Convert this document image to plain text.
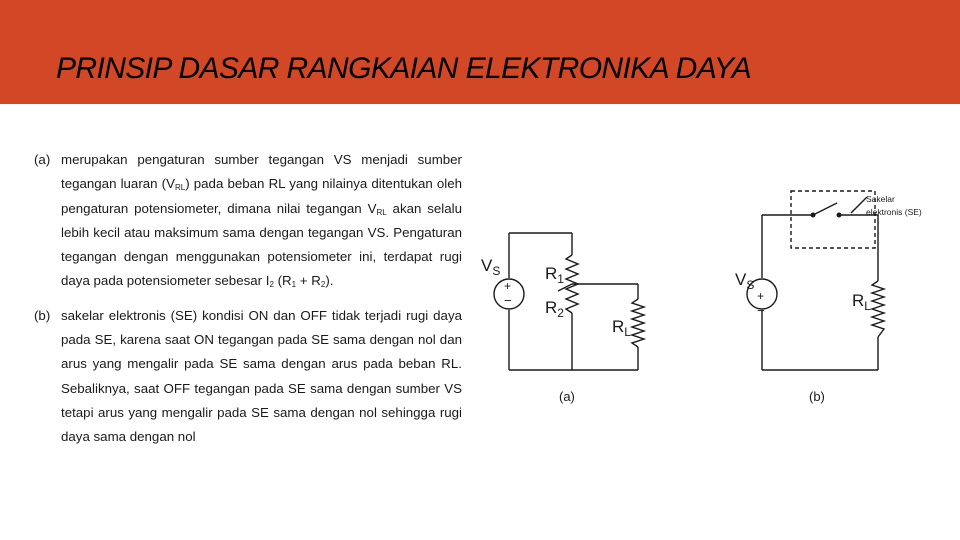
PRINSIP DASAR RANGKAIAN ELEKTRONIKA DAYA
(a) merupakan pengaturan sumber tegangan VS menjadi sumber tegangan luaran $(V_{RL})$ pada beban RL yang nilainya ditentukan oleh pengaturan potensiometer, dimana nilai tegangan $V_{RL}$ akan selalu lebih kecil atau maksimum sama dengan tegangan VS. Pengaturan tegangan dengan menggunakan potensiometer ini, terdapat rugi daya pada potensiometer sebesar $I_2$ $(R_1 + R_2)$.
(b) sakelar elektronis (SE) kondisi ON dan OFF tidak terjadi rugi daya pada SE, karena saat ON tegangan pada SE sama dengan nol dan arus yang mengalir pada SE sama dengan arus pada beban RL. Sebaliknya, saat OFF tegangan pada SE sama dengan sumber VS tetapi arus yang mengalir pada SE sama dengan nol sehingga rugi daya sama dengan nol
$V_S$
+
−
$R_1$
$R_2$
$R_L$
(a)
$V_S$
+
−
$R_L$
Sakelar
elektronis (SE)
(b)
